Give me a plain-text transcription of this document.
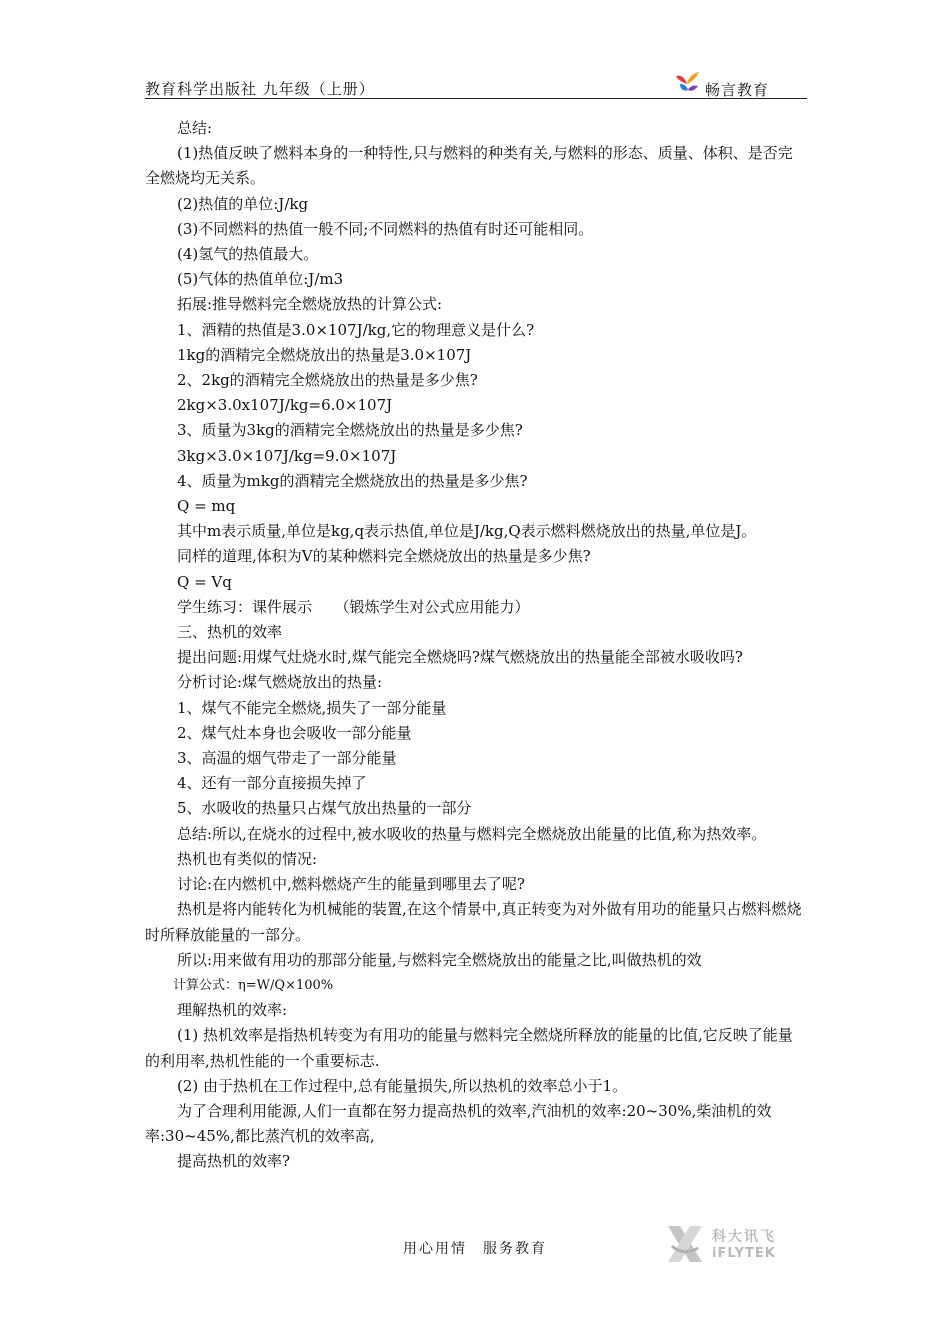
教育科学出版社 九年级（上册）	畅言教育

总结:

(1)热值反映了燃料本身的一种特性,只与燃料的种类有关,与燃料的形态、质量、体积、是否完全燃烧均无关系。

(2)热值的单位:J/kg

(3)不同燃料的热值一般不同;不同燃料的热值有时还可能相同。

(4)氢气的热值最大。

(5)气体的热值单位:J/m3

拓展:推导燃料完全燃烧放热的计算公式:

1、酒精的热值是3.0×107J/kg,它的物理意义是什么?

1kg的酒精完全燃烧放出的热量是3.0×107J

2、2kg的酒精完全燃烧放出的热量是多少焦?

2kg×3.0x107J/kg=6.0×107J

3、质量为3kg的酒精完全燃烧放出的热量是多少焦?

3kg×3.0×107J/kg=9.0×107J

4、质量为mkg的酒精完全燃烧放出的热量是多少焦?

Q = mq

其中m表示质量,单位是kg,q表示热值,单位是J/kg,Q表示燃料燃烧放出的热量,单位是J。

同样的道理,体积为V的某种燃料完全燃烧放出的热量是多少焦?

Q = Vq

学生练习：课件展示　　（锻炼学生对公式应用能力）

三、热机的效率

提出问题:用煤气灶烧水时,煤气能完全燃烧吗?煤气燃烧放出的热量能全部被水吸收吗?

分析讨论:煤气燃烧放出的热量:

1、煤气不能完全燃烧,损失了一部分能量

2、煤气灶本身也会吸收一部分能量

3、高温的烟气带走了一部分能量

4、还有一部分直接损失掉了

5、水吸收的热量只占煤气放出热量的一部分

总结:所以,在烧水的过程中,被水吸收的热量与燃料完全燃烧放出能量的比值,称为热效率。

热机也有类似的情况:

讨论:在内燃机中,燃料燃烧产生的能量到哪里去了呢?

热机是将内能转化为机械能的装置,在这个情景中,真正转变为对外做有用功的能量只占燃料燃烧时所释放能量的一部分。

所以:用来做有用功的那部分能量,与燃料完全燃烧放出的能量之比,叫做热机的效

计算公式：η=W/Q×100%

理解热机的效率:

(1) 热机效率是指热机转变为有用功的能量与燃料完全燃烧所释放的能量的比值,它反映了能量的利用率,热机性能的一个重要标志.

(2) 由于热机在工作过程中,总有能量损失,所以热机的效率总小于1。

为了合理利用能源,人们一直都在努力提高热机的效率,汽油机的效率:20~30%,柴油机的效率:30~45%,都比蒸汽机的效率高,

提高热机的效率?

用心用情　服务教育
科大讯飞
iFLYTEK
